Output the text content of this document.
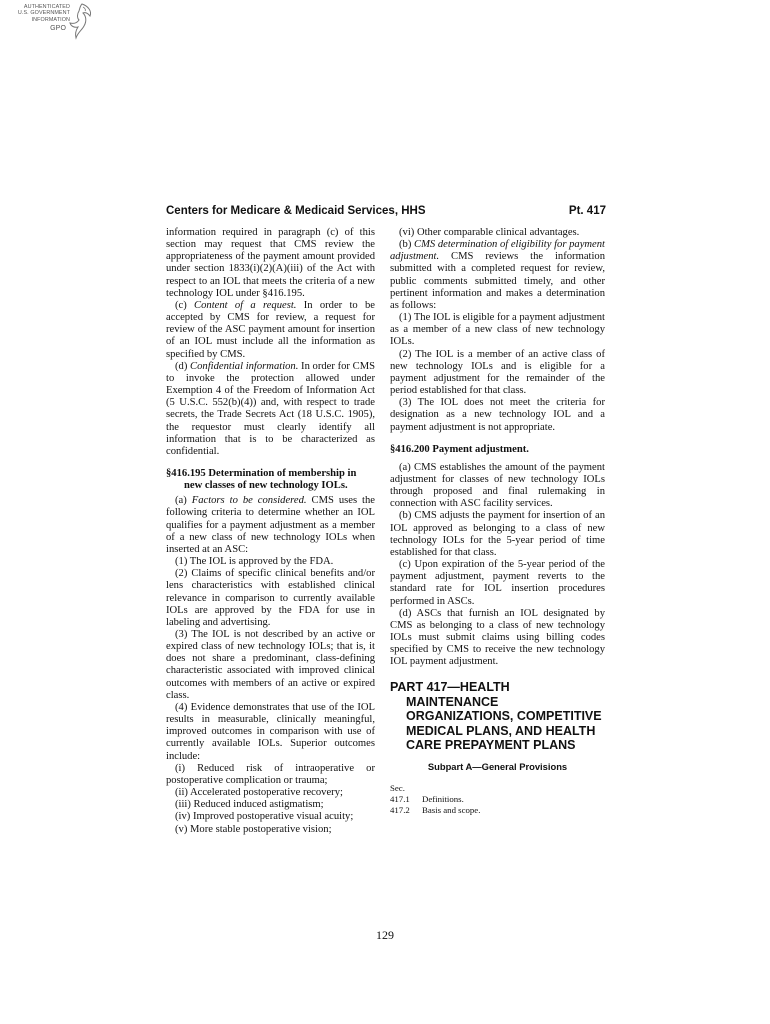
AUTHENTICATED
U.S. GOVERNMENT
INFORMATION
GPO
Centers for Medicare & Medicaid Services, HHS	Pt. 417

information required in paragraph (c) of this section may request that CMS review the appropriateness of the payment amount provided under section 1833(i)(2)(A)(iii) of the Act with respect to an IOL that meets the criteria of a new technology IOL under §416.195.

(c) Content of a request. In order to be accepted by CMS for review, a request for review of the ASC payment amount for insertion of an IOL must include all the information as specified by CMS.

(d) Confidential information. In order for CMS to invoke the protection allowed under Exemption 4 of the Freedom of Information Act (5 U.S.C. 552(b)(4)) and, with respect to trade secrets, the Trade Secrets Act (18 U.S.C. 1905), the requestor must clearly identify all information that is to be characterized as confidential.

§416.195 Determination of membership in new classes of new technology IOLs.

(a) Factors to be considered. CMS uses the following criteria to determine whether an IOL qualifies for a payment adjustment as a member of a new class of new technology IOLs when inserted at an ASC:

(1) The IOL is approved by the FDA.

(2) Claims of specific clinical benefits and/or lens characteristics with established clinical relevance in comparison to currently available IOLs are approved by the FDA for use in labeling and advertising.

(3) The IOL is not described by an active or expired class of new technology IOLs; that is, it does not share a predominant, class-defining characteristic associated with improved clinical outcomes with members of an active or expired class.

(4) Evidence demonstrates that use of the IOL results in measurable, clinically meaningful, improved outcomes in comparison with use of currently available IOLs. Superior outcomes include:

(i) Reduced risk of intraoperative or postoperative complication or trauma;

(ii) Accelerated postoperative recovery;

(iii) Reduced induced astigmatism;

(iv) Improved postoperative visual acuity;

(v) More stable postoperative vision;

(vi) Other comparable clinical advantages.

(b) CMS determination of eligibility for payment adjustment. CMS reviews the information submitted with a completed request for review, public comments submitted timely, and other pertinent information and makes a determination as follows:

(1) The IOL is eligible for a payment adjustment as a member of a new class of new technology IOLs.

(2) The IOL is a member of an active class of new technology IOLs and is eligible for a payment adjustment for the remainder of the period established for that class.

(3) The IOL does not meet the criteria for designation as a new technology IOL and a payment adjustment is not appropriate.

§416.200 Payment adjustment.

(a) CMS establishes the amount of the payment adjustment for classes of new technology IOLs through proposed and final rulemaking in connection with ASC facility services.

(b) CMS adjusts the payment for insertion of an IOL approved as belonging to a class of new technology IOLs for the 5-year period of time established for that class.

(c) Upon expiration of the 5-year period of the payment adjustment, payment reverts to the standard rate for IOL insertion procedures performed in ASCs.

(d) ASCs that furnish an IOL designated by CMS as belonging to a class of new technology IOLs must submit claims using billing codes specified by CMS to receive the new technology IOL payment adjustment.

PART 417—HEALTH MAINTENANCE ORGANIZATIONS, COMPETITIVE MEDICAL PLANS, AND HEALTH CARE PREPAYMENT PLANS
Subpart A—General Provisions
Sec.
417.1	Definitions.
417.2	Basis and scope.
129
